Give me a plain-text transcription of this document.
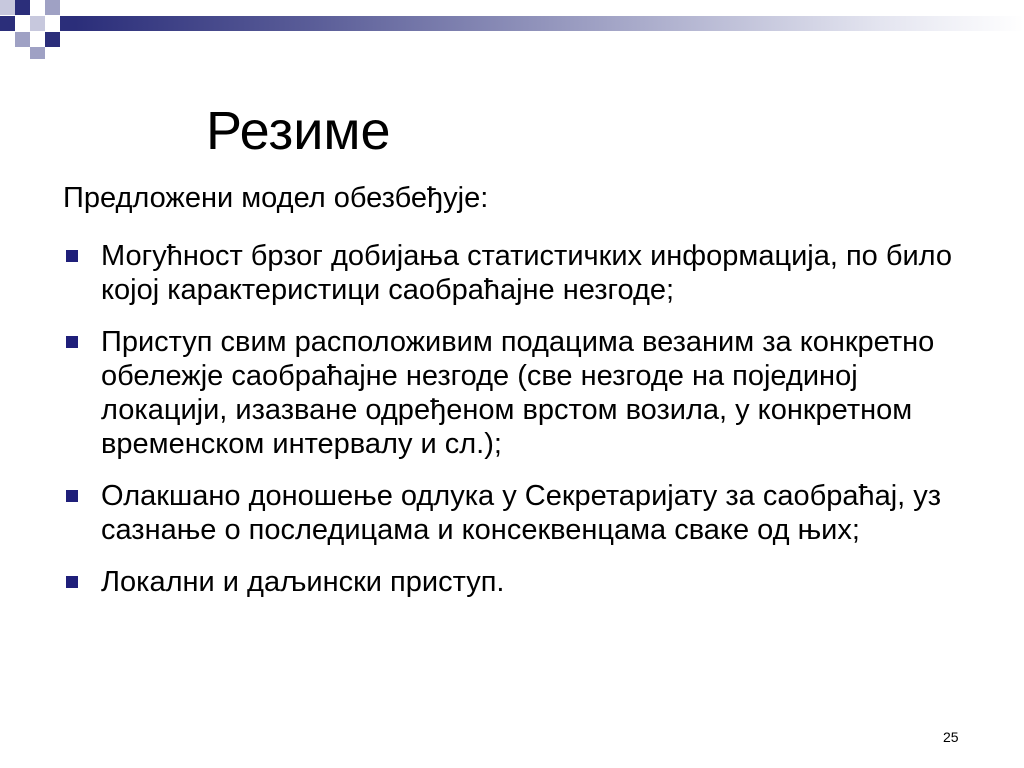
Резиме

Предложени модел обезбеђује:

Могућност брзог добијања статистичких информација, по било којој карактеристици саобраћајне незгоде;
Приступ свим расположивим подацима везаним за конкретно обележје саобраћајне незгоде (све незгоде на појединој локацији, изазване одређеном врстом возила, у конкретном временском интервалу и сл.);
Олакшано доношење одлука у Секретаријату за саобраћај, уз сазнање о последицама и консеквенцама сваке од њих;
Локални и даљински приступ.
25
